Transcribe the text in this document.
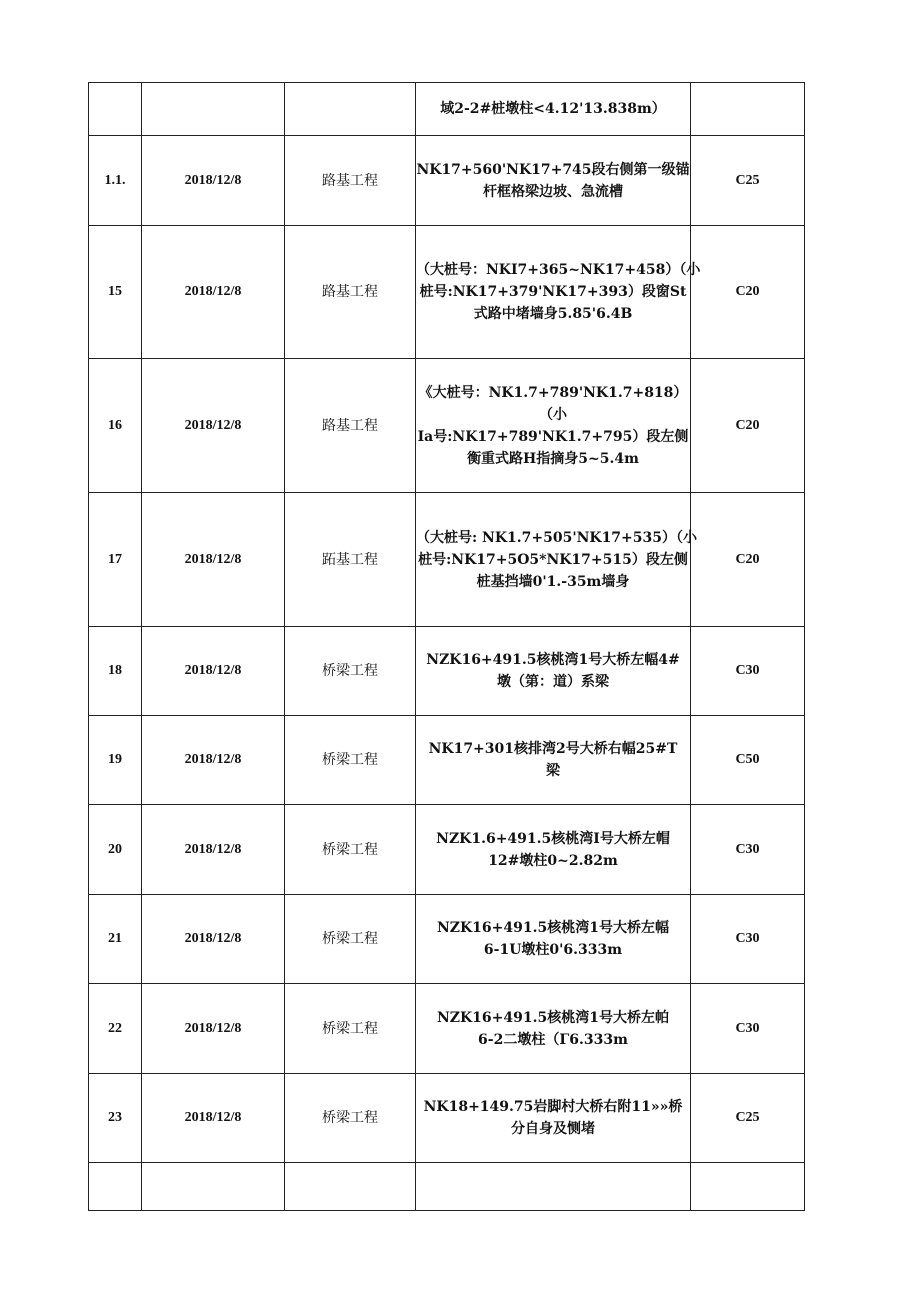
			域2-2#桩墩柱<4.12'13.838m）	

1.1.	2018/12/8	路基工程	NK17+560'NK17+745段右侧第一级锚
杆框格梁边坡、急流槽	C25
15	2018/12/8	路基工程	（大桩号：NKI7+365~NK17+458）（小
桩号:NK17+379'NK17+393）段窗St
式路中堵墙身5.85'6.4B	C20
16	2018/12/8	路基工程	《大桩号：NK1.7+789'NK1.7+818）
（小
Ia号:NK17+789'NK1.7+795）段左侧
衡重式路H指摘身5~5.4m	C20
17	2018/12/8	跖基工程	（大桩号: NK1.7+505'NK17+535）（小
桩号:NK17+5O5*NK17+515）段左侧
桩基挡墙0'1.-35m墙身	C20
18	2018/12/8	桥梁工程	NZK16+491.5核桃湾1号大桥左幅4#
墩（第：道）系梁	C30
19	2018/12/8	桥梁工程	NK17+301核排湾2号大桥右幅25#T
梁	C50
20	2018/12/8	桥梁工程	NZK1.6+491.5核桃湾I号大桥左帽
12#墩柱0~2.82m	C30
21	2018/12/8	桥梁工程	NZK16+491.5核桃湾1号大桥左幅
6-1U墩柱0'6.333m	C30
22	2018/12/8	桥梁工程	NZK16+491.5核桃湾1号大桥左帕
6-2二墩柱（Γ6.333m	C30
23	2018/12/8	桥梁工程	NK18+149.75岩脚村大桥右附11»»桥
分自身及恻堵	C25
